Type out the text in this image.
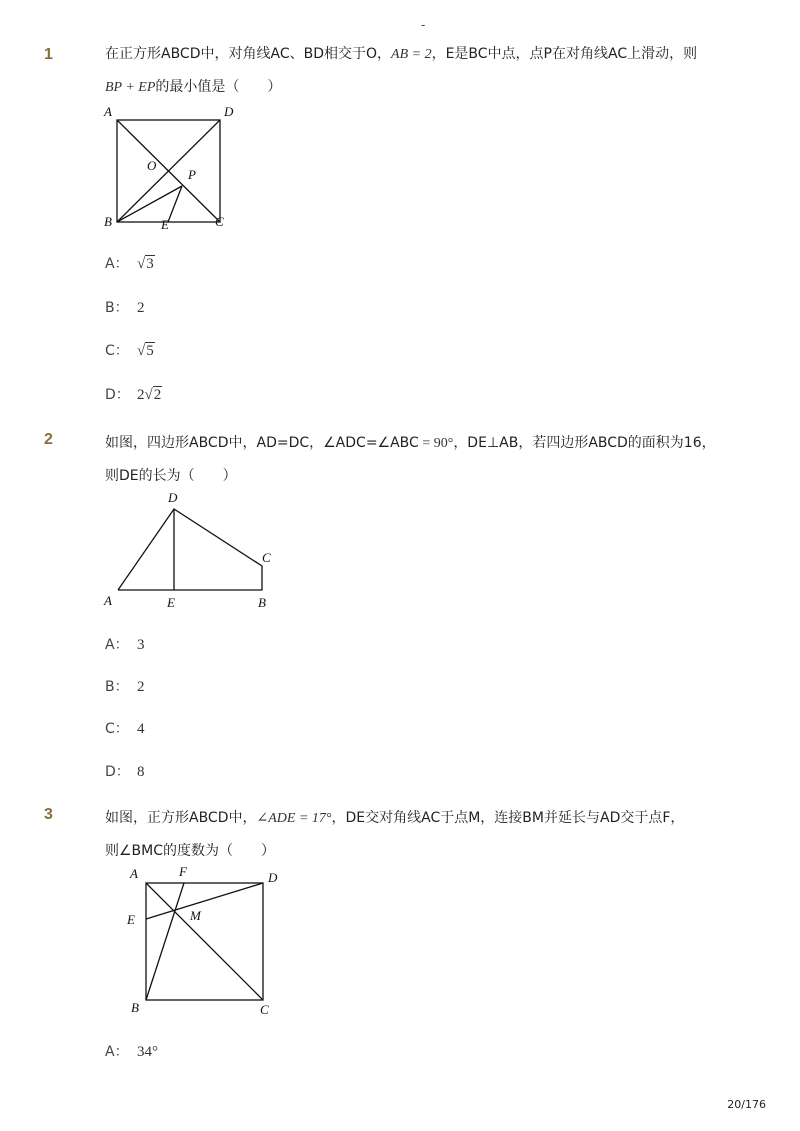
-
1	在正方形ABCD中，对角线AC、BD相交于O，AB = 2，E是BC中点，点P在对角线AC上滑动，则
BP + EP的最小值是（　　）
A	D
O
P
B	E	C
A： √3
B： 2
C： √5
D： 2√2
2	如图，四边形ABCD中，AD=DC，∠ADC=∠ABC = 90°，DE⊥AB，若四边形ABCD的面积为16，
则DE的长为（　　）
D
C
A	E	B
A： 3
B： 2
C： 4
D： 8
3	如图，正方形ABCD中，∠ADE = 17°，DE交对角线AC于点M，连接BM并延长与AD交于点F，
则∠BMC的度数为（　　）
A	F	D
E	M
B	C
A： 34°
20/176
